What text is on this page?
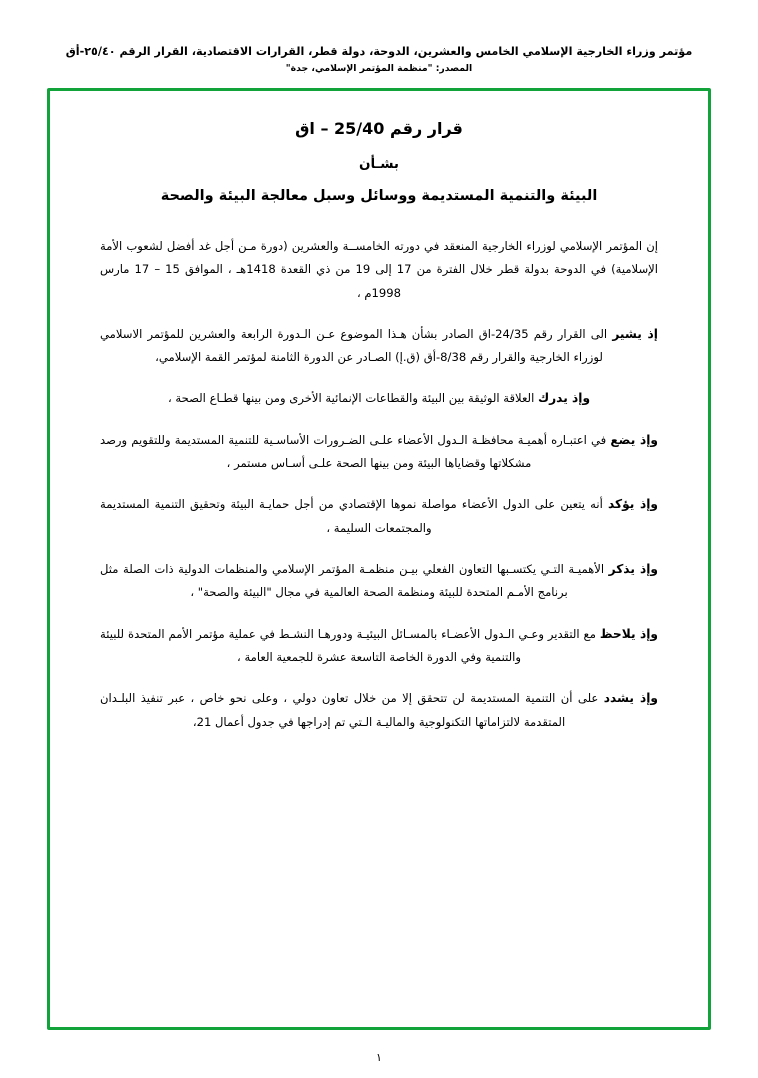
مؤتمر وزراء الخارجية الإسلامي الخامس والعشرين، الدوحة، دولة قطر، القرارات الاقتصادية، القرار الرقم ٢٥/٤٠-أق
المصدر: "منظمة المؤتمر الإسلامي، جدة"
قرار رقم 25/40 – اق
بشـأن
البيئة والتنمية المستديمة ووسائل وسبل معالجة البيئة والصحة

إن المؤتمر الإسلامي لوزراء الخارجية المنعقد في دورته الخامســة والعشرين (دورة مـن أجل غد أفضل لشعوب الأمة الإسلامية) في الدوحة بدولة قطر خلال الفترة من 17 إلى 19 من ذي القعدة 1418هـ ، الموافق 15 – 17 مارس 1998م ،

إذ يشير الى القرار رقم 24/35-اق الصادر بشأن هـذا الموضوع عـن الـدورة الرابعة والعشرين للمؤتمر الاسلامي لوزراء الخارجية والقرار رقم 8/38-أق (ق.إ) الصـادر عن الدورة الثامنة لمؤتمر القمة الإسلامي،

وإذ يدرك العلاقة الوثيقة بين البيئة والقطاعات الإنمائية الأخرى ومن بينها قطـاع الصحة ،

وإذ يضع في اعتبـاره أهميـة محافظـة الـدول الأعضاء علـى الضـرورات الأساسـية للتنمية المستديمة وللتقويم ورصد مشكلاتها وقضاياها البيئة ومن بينها الصحة علـى أسـاس مستمر ،

وإذ يؤكد أنه يتعين على الدول الأعضاء مواصلة نموها الإقتصادي من أجل حمايـة البيئة وتحقيق التنمية المستديمة والمجتمعات السليمة ،

وإذ يذكر الأهميـة التـي يكتسـبها التعاون الفعلي بيـن منظمـة المؤتمر الإسلامي والمنظمات الدولية ذات الصلة مثل برنامج الأمـم المتحدة للبيئة ومنظمة الصحة العالمية في مجال "البيئة والصحة" ،

وإذ يلاحظ مع التقدير وعـي الـدول الأعضـاء بالمسـائل البيئيـة ودورهـا النشـط في عملية مؤتمر الأمم المتحدة للبيئة والتنمية وفي الدورة الخاصة التاسعة عشرة للجمعية العامة ،

وإذ يشدد على أن التنمية المستديمة لن تتحقق إلا من خلال تعاون دولي ، وعلى نحو خاص ، عبر تنفيذ البلـدان المتقدمة لالتزاماتها التكنولوجية والماليـة الـتي تم إدراجها في جدول أعمال 21،

١
